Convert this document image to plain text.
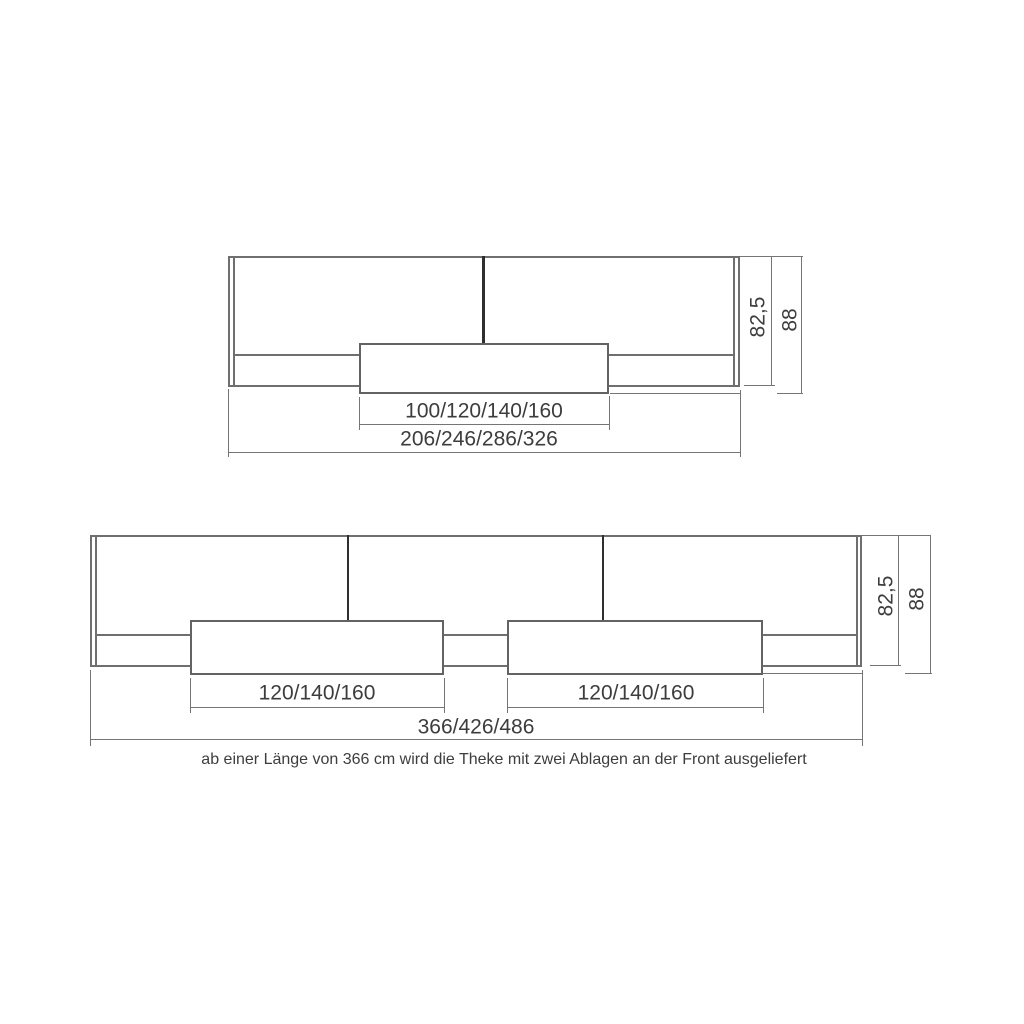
100/120/140/160
206/246/286/326
82,5 88
120/140/160	120/140/160
366/426/486
82,5 88
ab einer Länge von 366 cm wird die Theke mit zwei Ablagen an der Front ausgeliefert
